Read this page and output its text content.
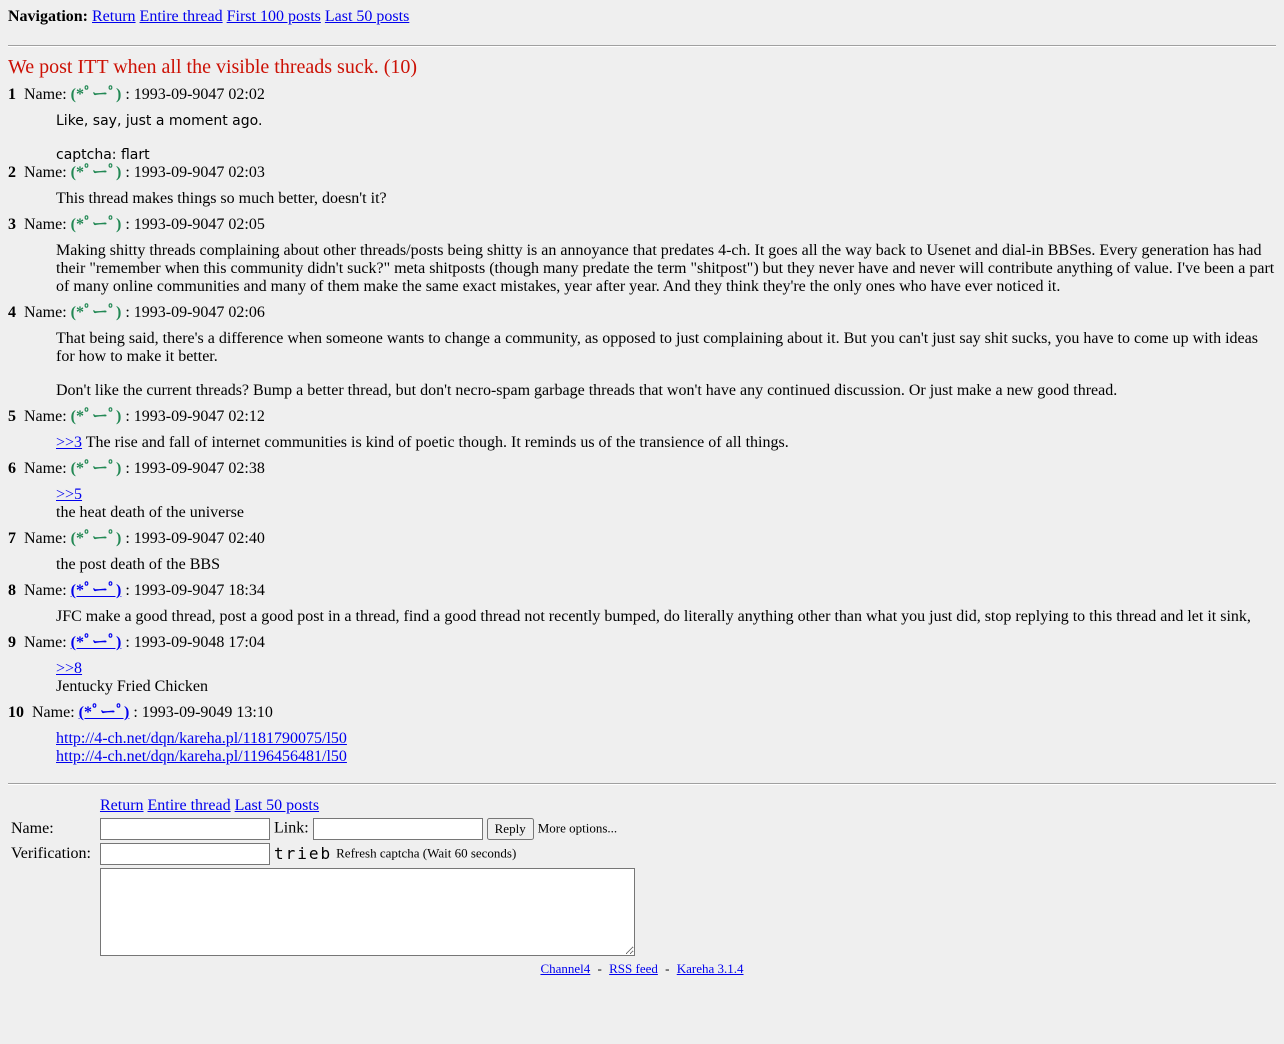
Navigation: Return Entire thread First 100 posts Last 50 posts
We post ITT when all the visible threads suck. (10)
1 Name: (*ﾟーﾟ) : 1993-09-9047 02:02

Like, say, just a moment ago.

captcha: flart

2 Name: (*ﾟーﾟ) : 1993-09-9047 02:03

This thread makes things so much better, doesn't it?

3 Name: (*ﾟーﾟ) : 1993-09-9047 02:05

Making shitty threads complaining about other threads/posts being shitty is an annoyance that predates 4-ch. It goes all the way back to Usenet and dial-in BBSes. Every generation has had their "remember when this community didn't suck?" meta shitposts (though many predate the term "shitpost") but they never have and never will contribute anything of value. I've been a part of many online communities and many of them make the same exact mistakes, year after year. And they think they're the only ones who have ever noticed it.

4 Name: (*ﾟーﾟ) : 1993-09-9047 02:06

That being said, there's a difference when someone wants to change a community, as opposed to just complaining about it. But you can't just say shit sucks, you have to come up with ideas for how to make it better.

Don't like the current threads? Bump a better thread, but don't necro-spam garbage threads that won't have any continued discussion. Or just make a new good thread.

5 Name: (*ﾟーﾟ) : 1993-09-9047 02:12

>>3 The rise and fall of internet communities is kind of poetic though. It reminds us of the transience of all things.

6 Name: (*ﾟーﾟ) : 1993-09-9047 02:38

>>5

the heat death of the universe

7 Name: (*ﾟーﾟ) : 1993-09-9047 02:40

the post death of the BBS

8 Name: (*ﾟーﾟ) : 1993-09-9047 18:34

JFC make a good thread, post a good post in a thread, find a good thread not recently bumped, do literally anything other than what you just did, stop replying to this thread and let it sink,

9 Name: (*ﾟーﾟ) : 1993-09-9048 17:04

>>8

Jentucky Fried Chicken

10 Name: (*ﾟーﾟ) : 1993-09-9049 13:10

http://4-ch.net/dqn/kareha.pl/1181790075/l50

http://4-ch.net/dqn/kareha.pl/1196456481/l50

	Return Entire thread Last 50 posts
Name:	Link: Reply More options...
Verification:	trieb Refresh captcha (Wait 60 seconds)

Channel4 - RSS feed - Kareha 3.1.4
